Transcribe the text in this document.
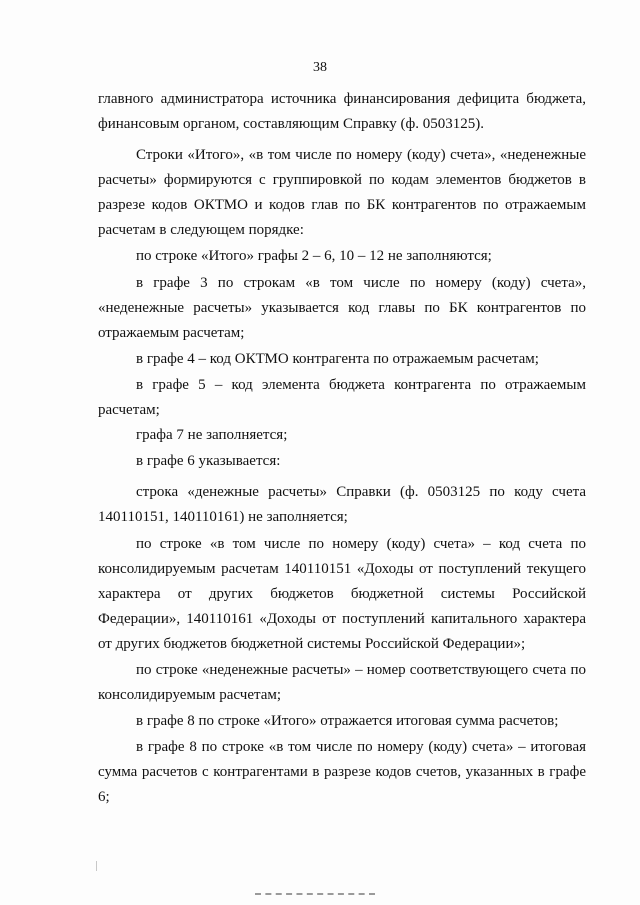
38

главного администратора источника финансирования дефицита бюджета, финансовым органом, составляющим Справку (ф. 0503125).

Строки «Итого», «в том числе по номеру (коду) счета», «неденежные расчеты» формируются с группировкой по кодам элементов бюджетов в разрезе кодов ОКТМО и кодов глав по БК контрагентов по отражаемым расчетам в следующем порядке:

по строке «Итого» графы 2 – 6, 10 – 12 не заполняются;

в графе 3 по строкам «в том числе по номеру (коду) счета», «неденежные расчеты» указывается код главы по БК контрагентов по отражаемым расчетам;

в графе 4 – код ОКТМО контрагента по отражаемым расчетам;

в графе 5 – код элемента бюджета контрагента по отражаемым расчетам;

графа 7 не заполняется;

в графе 6 указывается:

строка «денежные расчеты» Справки (ф. 0503125 по коду счета 140110151, 140110161) не заполняется;

по строке «в том числе по номеру (коду) счета» – код счета по консолидируемым расчетам 140110151 «Доходы от поступлений текущего характера от других бюджетов бюджетной системы Российской Федерации», 140110161 «Доходы от поступлений капитального характера от других бюджетов бюджетной системы Российской Федерации»;

по строке «неденежные расчеты» – номер соответствующего счета по консолидируемым расчетам;

в графе 8 по строке «Итого» отражается итоговая сумма расчетов;

в графе 8 по строке «в том числе по номеру (коду) счета» – итоговая сумма расчетов с контрагентами в разрезе кодов счетов, указанных в графе 6;
